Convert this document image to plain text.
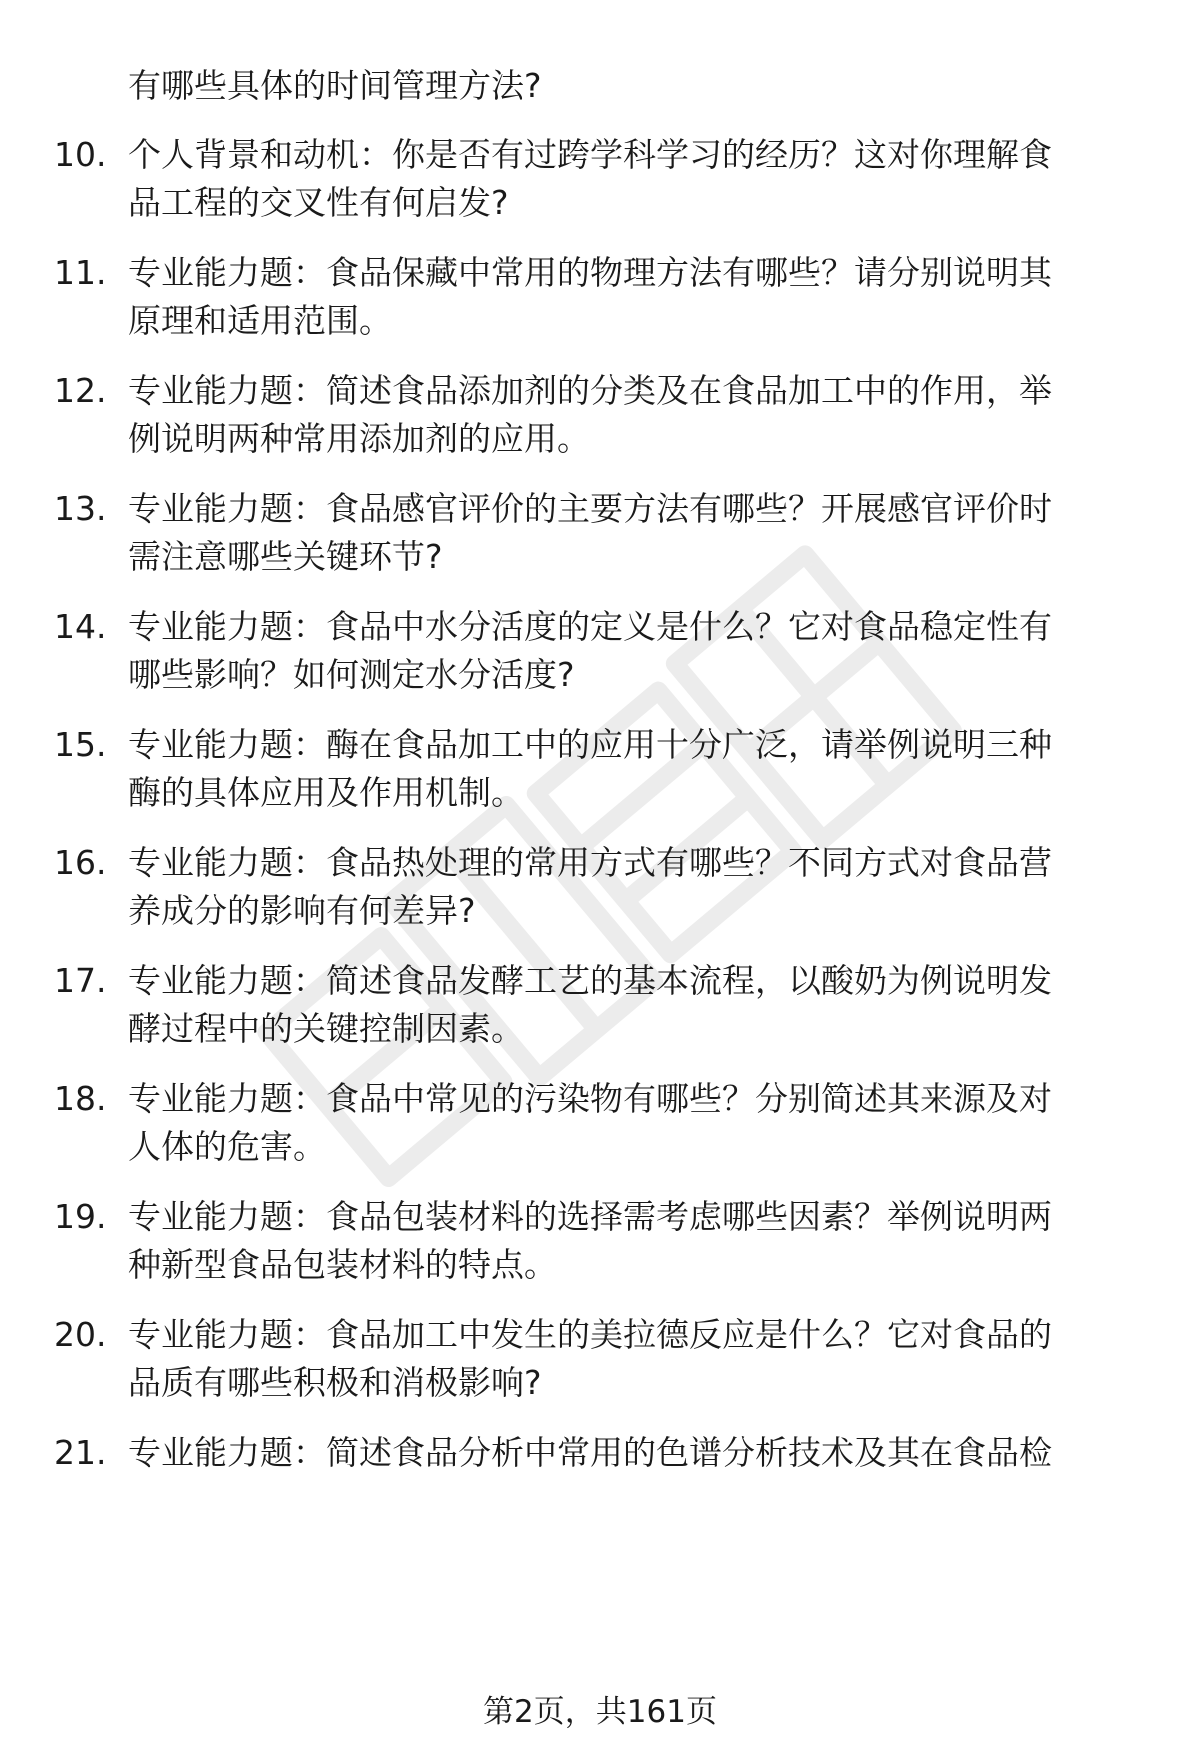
有哪些具体的时间管理方法?
10. 个人背景和动机：你是否有过跨学科学习的经历？这对你理解食
品工程的交叉性有何启发?
11. 专业能力题：食品保藏中常用的物理方法有哪些？请分别说明其
原理和适用范围。
12. 专业能力题：简述食品添加剂的分类及在食品加工中的作用，举
例说明两种常用添加剂的应用。
13. 专业能力题：食品感官评价的主要方法有哪些？开展感官评价时
需注意哪些关键环节?
14. 专业能力题：食品中水分活度的定义是什么？它对食品稳定性有
哪些影响？如何测定水分活度?
15. 专业能力题：酶在食品加工中的应用十分广泛，请举例说明三种
酶的具体应用及作用机制。
16. 专业能力题：食品热处理的常用方式有哪些？不同方式对食品营
养成分的影响有何差异?
17. 专业能力题：简述食品发酵工艺的基本流程，以酸奶为例说明发
酵过程中的关键控制因素。
18. 专业能力题：食品中常见的污染物有哪些？分别简述其来源及对
人体的危害。
19. 专业能力题：食品包装材料的选择需考虑哪些因素？举例说明两
种新型食品包装材料的特点。
20. 专业能力题：食品加工中发生的美拉德反应是什么？它对食品的
品质有哪些积极和消极影响?
21. 专业能力题：简述食品分析中常用的色谱分析技术及其在食品检
第2页，共161页
